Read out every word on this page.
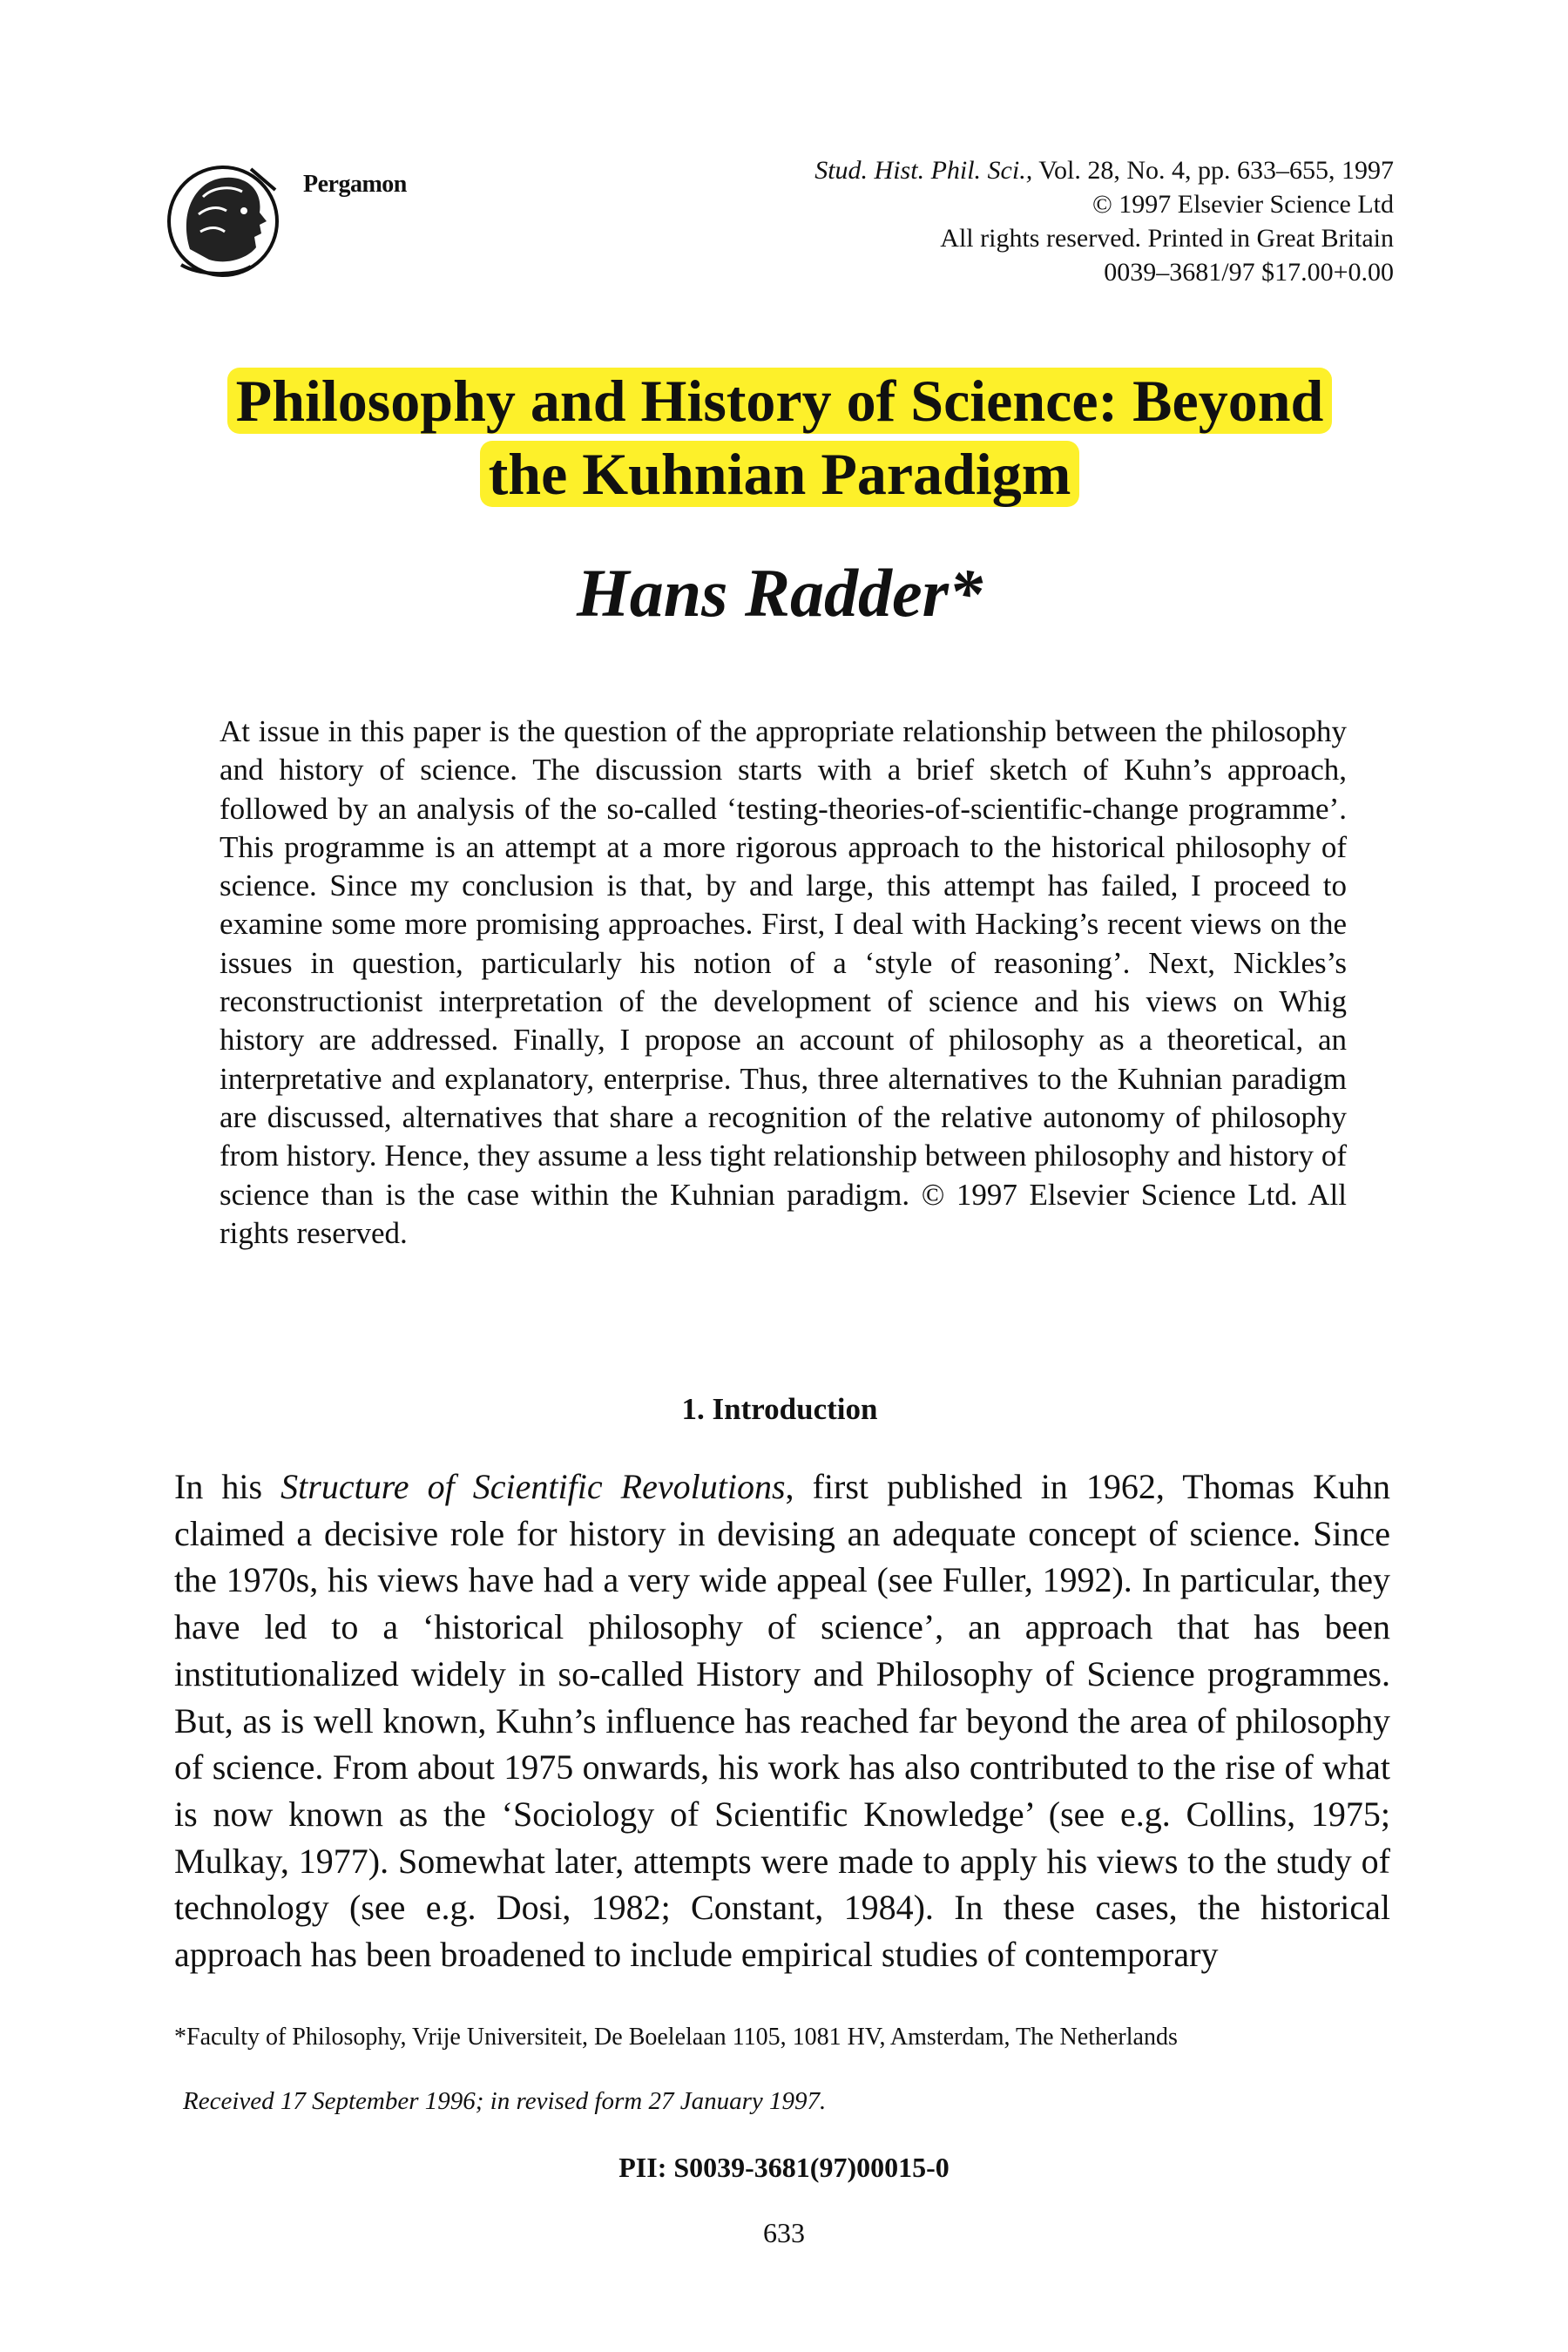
Pergamon	Stud. Hist. Phil. Sci., Vol. 28, No. 4, pp. 633–655, 1997
© 1997 Elsevier Science Ltd
All rights reserved. Printed in Great Britain
0039–3681/97 $17.00+0.00
Philosophy and History of Science: Beyond
the Kuhnian Paradigm
Hans Radder*

At issue in this paper is the question of the appropriate relationship between the philosophy and history of science. The discussion starts with a brief sketch of Kuhn’s approach, followed by an analysis of the so-called ‘testing-theories-of-scientific-change programme’. This programme is an attempt at a more rigorous approach to the historical philosophy of science. Since my conclusion is that, by and large, this attempt has failed, I proceed to examine some more promising approaches. First, I deal with Hacking’s recent views on the issues in question, particularly his notion of a ‘style of reasoning’. Next, Nickles’s reconstructionist interpretation of the development of science and his views on Whig history are addressed. Finally, I propose an account of philosophy as a theoretical, an interpretative and explanatory, enterprise. Thus, three alternatives to the Kuhnian paradigm are discussed, alternatives that share a recognition of the relative autonomy of philosophy from history. Hence, they assume a less tight relationship between philosophy and history of science than is the case within the Kuhnian paradigm. © 1997 Elsevier Science Ltd. All rights reserved.

1. Introduction

In his Structure of Scientific Revolutions, first published in 1962, Thomas Kuhn claimed a decisive role for history in devising an adequate concept of science. Since the 1970s, his views have had a very wide appeal (see Fuller, 1992). In particular, they have led to a ‘historical philosophy of science’, an approach that has been institutionalized widely in so-called History and Philosophy of Science programmes. But, as is well known, Kuhn’s influence has reached far beyond the area of philosophy of science. From about 1975 onwards, his work has also contributed to the rise of what is now known as the ‘Sociology of Scientific Knowledge’ (see e.g. Collins, 1975; Mulkay, 1977). Somewhat later, attempts were made to apply his views to the study of technology (see e.g. Dosi, 1982; Constant, 1984). In these cases, the historical approach has been broadened to include empirical studies of contemporary

*Faculty of Philosophy, Vrije Universiteit, De Boelelaan 1105, 1081 HV, Amsterdam, The Netherlands
Received 17 September 1996; in revised form 27 January 1997.
PII: S0039-3681(97)00015-0
633
